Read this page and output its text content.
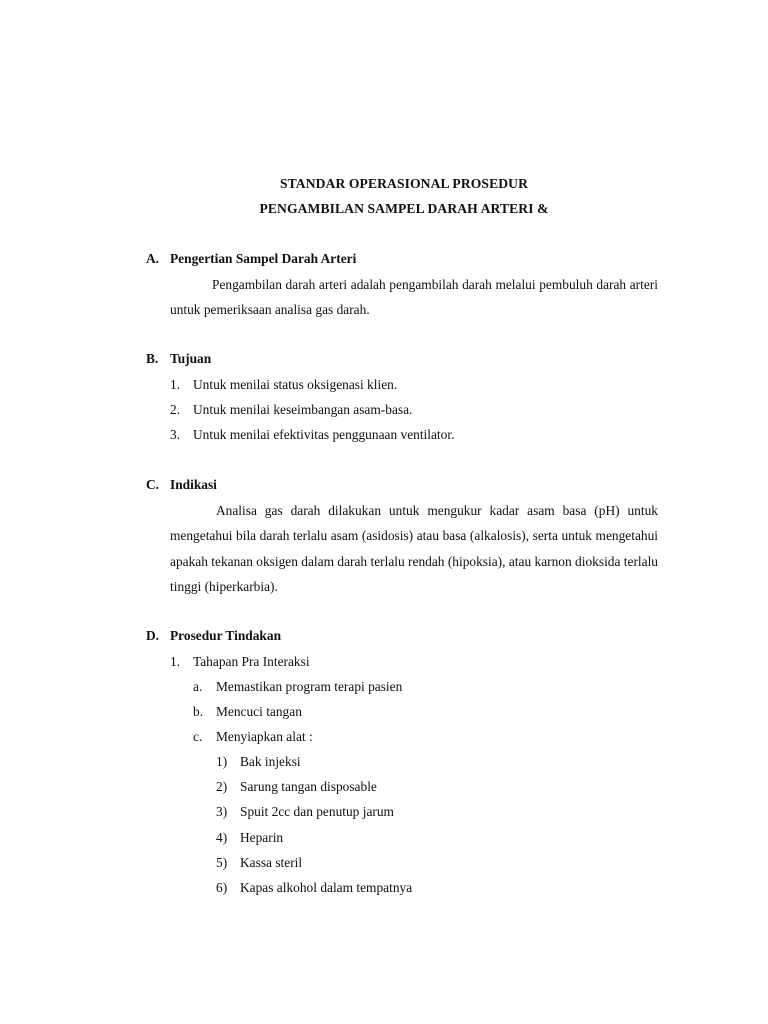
STANDAR OPERASIONAL PROSEDUR
PENGAMBILAN SAMPEL DARAH ARTERI &
A. Pengertian Sampel Darah Arteri
Pengambilan darah arteri adalah pengambilah darah melalui pembuluh darah arteri untuk pemeriksaan analisa gas darah.
B. Tujuan
1. Untuk menilai status oksigenasi klien.
2. Untuk menilai keseimbangan asam-basa.
3. Untuk menilai efektivitas penggunaan ventilator.
C. Indikasi
Analisa gas darah dilakukan untuk mengukur kadar asam basa (pH) untuk mengetahui bila darah terlalu asam (asidosis) atau basa (alkalosis), serta untuk mengetahui apakah tekanan oksigen dalam darah terlalu rendah (hipoksia), atau karnon dioksida terlalu tinggi (hiperkarbia).
D. Prosedur Tindakan
1. Tahapan Pra Interaksi
a. Memastikan program terapi pasien
b. Mencuci tangan
c. Menyiapkan alat :
1) Bak injeksi
2) Sarung tangan disposable
3) Spuit 2cc dan penutup jarum
4) Heparin
5) Kassa steril
6) Kapas alkohol dalam tempatnya
